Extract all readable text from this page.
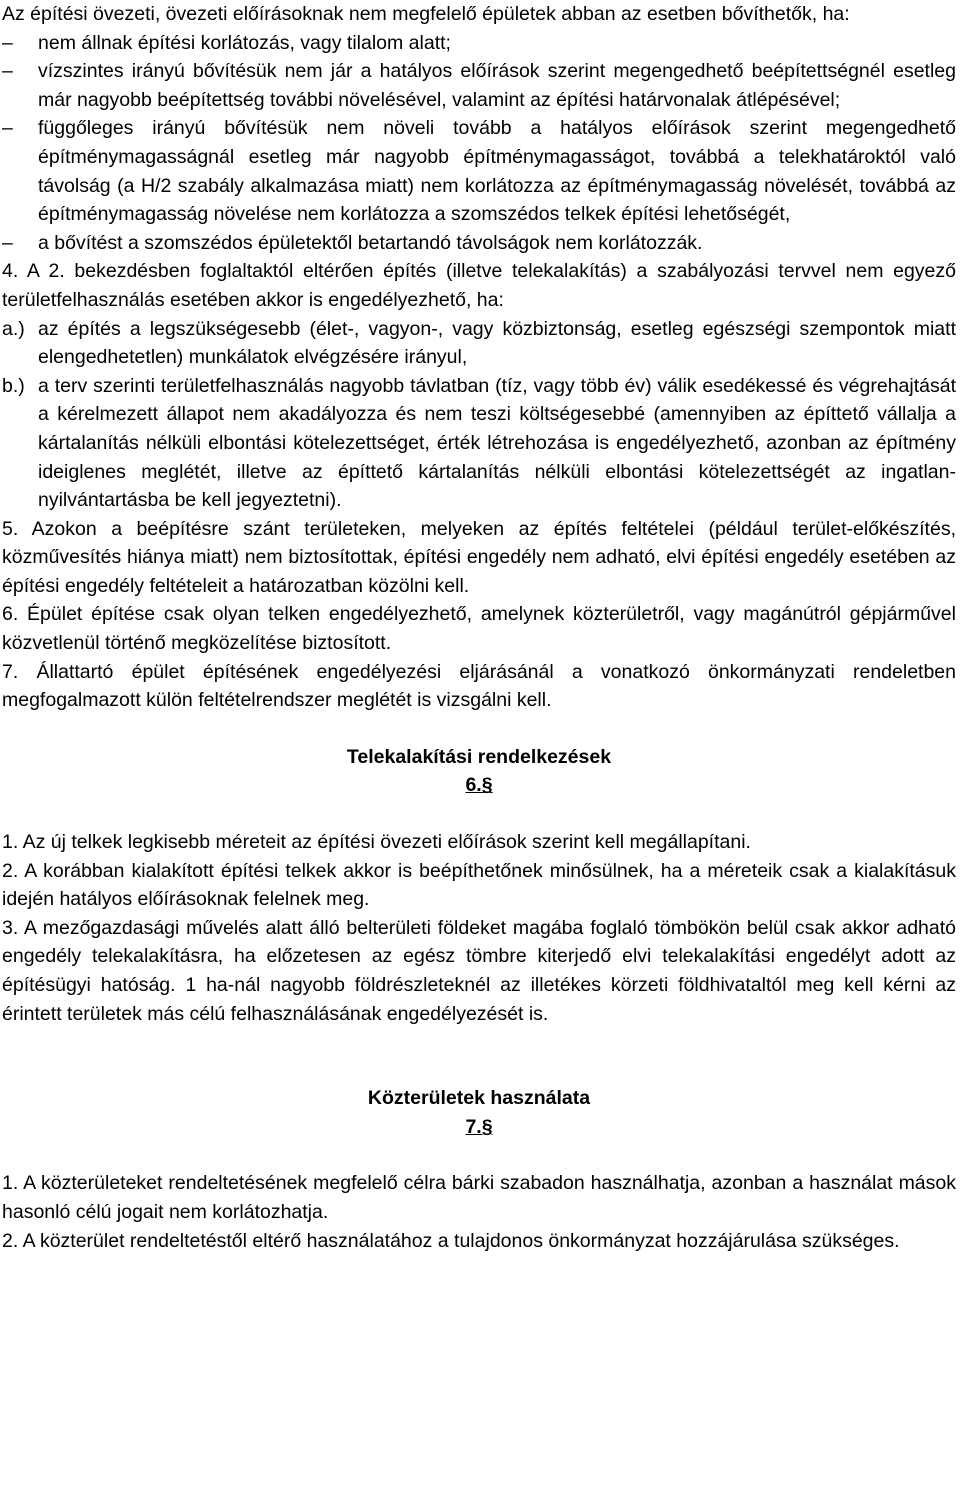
Az építési övezeti, övezeti előírásoknak nem megfelelő épületek abban az esetben bővíthetők, ha:

–	nem állnak építési korlátozás, vagy tilalom alatt;

–	vízszintes irányú bővítésük nem jár a hatályos előírások szerint megengedhető beépítettségnél esetleg már nagyobb beépítettség további növelésével, valamint az építési határvonalak átlépésével;

–	függőleges irányú bővítésük nem növeli tovább a hatályos előírások szerint megengedhető építménymagasságnál esetleg már nagyobb építménymagasságot, továbbá a telekhatároktól való távolság (a H/2 szabály alkalmazása miatt) nem korlátozza az építménymagasság növelését, továbbá az építménymagasság növelése nem korlátozza a szomszédos telkek építési lehetőségét,

–	a bővítést a szomszédos épületektől betartandó távolságok nem korlátozzák.

4. A 2. bekezdésben foglaltaktól eltérően építés (illetve telekalakítás) a szabályozási tervvel nem egyező területfelhasználás esetében akkor is engedélyezhető, ha:

a.) az építés a legszükségesebb (élet-, vagyon-, vagy közbiztonság, esetleg egészségi szempontok miatt elengedhetetlen) munkálatok elvégzésére irányul,

b.) a terv szerinti területfelhasználás nagyobb távlatban (tíz, vagy több év) válik esedékessé és végrehajtását a kérelmezett állapot nem akadályozza és nem teszi költségesebbé (amennyiben az építtető vállalja a kártalanítás nélküli elbontási kötelezettséget, érték létrehozása is engedélyezhető, azonban az építmény ideiglenes meglétét, illetve az építtető kártalanítás nélküli elbontási kötelezettségét az ingatlan-nyilvántartásba be kell jegyeztetni).

5. Azokon a beépítésre szánt területeken, melyeken az építés feltételei (például terület-előkészítés, közművesítés hiánya miatt) nem biztosítottak, építési engedély nem adható, elvi építési engedély esetében az építési engedély feltételeit a határozatban közölni kell.

6. Épület építése csak olyan telken engedélyezhető, amelynek közterületről, vagy magánútról gépjárművel közvetlenül történő megközelítése biztosított.

7. Állattartó épület építésének engedélyezési eljárásánál a vonatkozó önkormányzati rendeletben megfogalmazott külön feltételrendszer meglétét is vizsgálni kell.

Telekalakítási rendelkezések

6.§

1. Az új telkek legkisebb méreteit az építési övezeti előírások szerint kell megállapítani.

2. A korábban kialakított építési telkek akkor is beépíthetőnek minősülnek, ha a méreteik csak a kialakításuk idején hatályos előírásoknak felelnek meg.

3. A mezőgazdasági művelés alatt álló belterületi földeket magába foglaló tömbökön belül csak akkor adható engedély telekalakításra, ha előzetesen az egész tömbre kiterjedő elvi telekalakítási engedélyt adott az építésügyi hatóság. 1 ha-nál nagyobb földrészleteknél az illetékes körzeti földhivataltól meg kell kérni az érintett területek más célú felhasználásának engedélyezését is.

Közterületek használata

7.§

1. A közterületeket rendeltetésének megfelelő célra bárki szabadon használhatja, azonban a használat mások hasonló célú jogait nem korlátozhatja.

2. A közterület rendeltetéstől eltérő használatához a tulajdonos önkormányzat hozzájárulása szükséges.
